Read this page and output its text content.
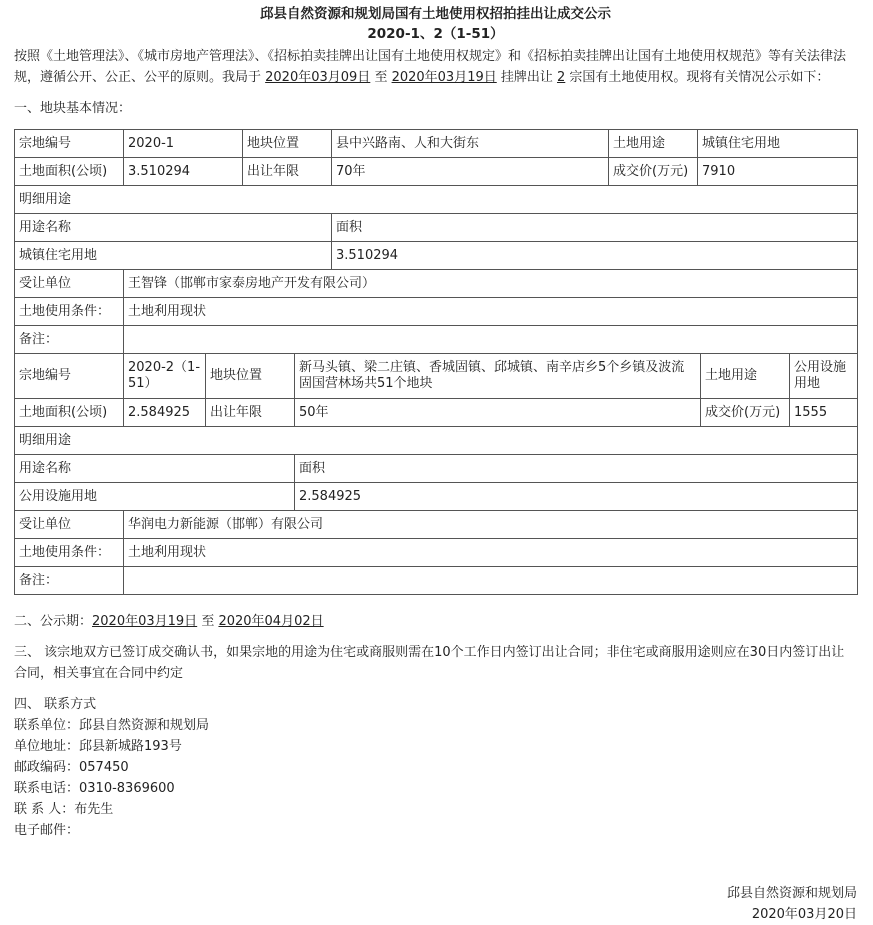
邱县自然资源和规划局国有土地使用权招拍挂出让成交公示
2020-1、2（1-51）
按照《土地管理法》、《城市房地产管理法》、《招标拍卖挂牌出让国有土地使用权规定》和《招标拍卖挂牌出让国有土地使用权规范》等有关法律法规，遵循公开、公正、公平的原则。我局于 2020年03月09日 至 2020年03月19日 挂牌出让 2 宗国有土地使用权。现将有关情况公示如下：
一、地块基本情况：
宗地编号	2020-1	地块位置	县中兴路南、人和大街东	土地用途	城镇住宅用地
土地面积(公顷)	3.510294	出让年限	70年	成交价(万元)	7910
明细用途					
用途名称			面积		
城镇住宅用地			3.510294		
受让单位	王智锋（邯郸市家泰房地产开发有限公司）				
土地使用条件：	土地利用现状				
备注：					
宗地编号	2020-2（1-51）	地块位置	新马头镇、梁二庄镇、香城固镇、邱城镇、南辛店乡5个乡镇及波流固国营林场共51个地块	土地用途	公用设施用地
土地面积(公顷)	2.584925	出让年限	50年	成交价(万元)	1555
明细用途					
用途名称			面积		
公用设施用地			2.584925		
受让单位	华润电力新能源（邯郸）有限公司				
土地使用条件：	土地利用现状				
备注：					
二、公示期：2020年03月19日 至 2020年04月02日
三、 该宗地双方已签订成交确认书，如果宗地的用途为住宅或商服则需在10个工作日内签订出让合同；非住宅或商服用途则应在30日内签订出让合同，相关事宜在合同中约定
四、 联系方式
联系单位：邱县自然资源和规划局
单位地址：邱县新城路193号
邮政编码：057450
联系电话：0310-8369600
联 系 人：布先生
电子邮件：
邱县自然资源和规划局
2020年03月20日
